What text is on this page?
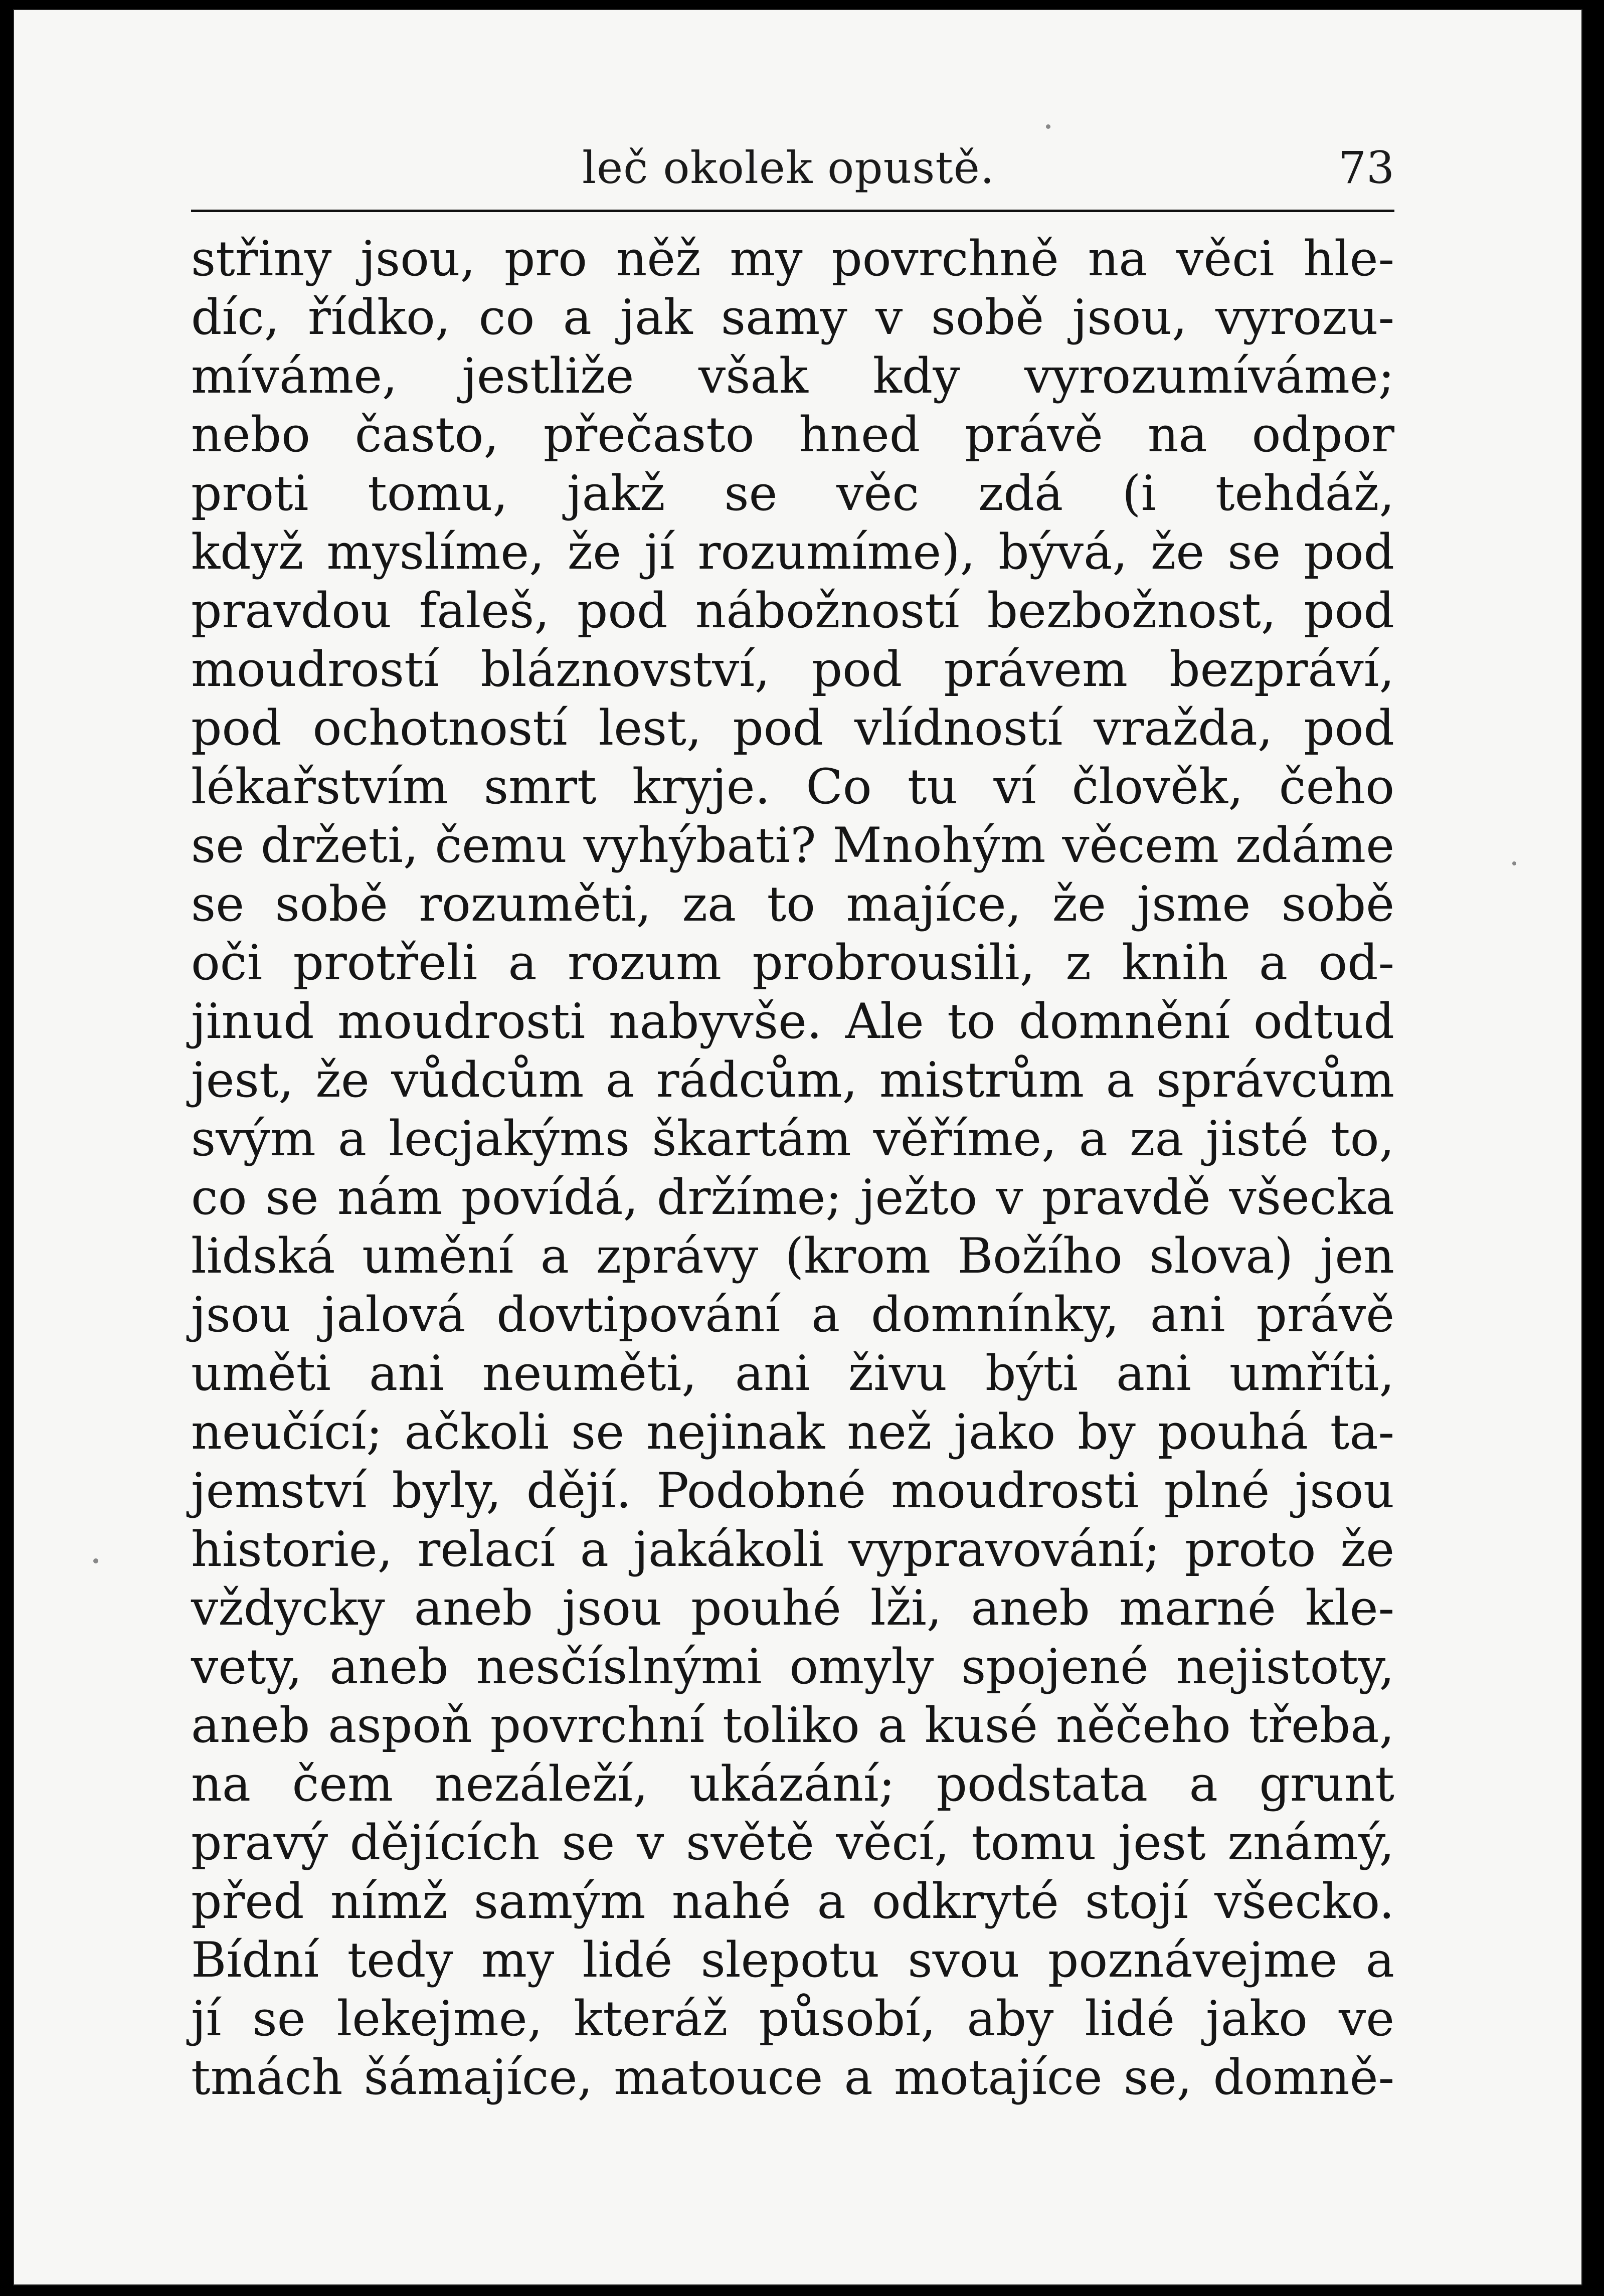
leč okolek opustě.	73
střiny jsou, pro něž my povrchně na věci hle-
díc, řídko, co a jak samy v sobě jsou, vyrozu-
míváme, jestliže však kdy vyrozumíváme;
nebo často, přečasto hned právě na odpor
proti tomu, jakž se věc zdá (i tehdáž,
když myslíme, že jí rozumíme), bývá, že se pod
pravdou faleš, pod nábožností bezbožnost, pod
moudrostí bláznovství, pod právem bezpráví,
pod ochotností lest, pod vlídností vražda, pod
lékařstvím smrt kryje. Co tu ví člověk, čeho
se držeti, čemu vyhýbati? Mnohým věcem zdáme
se sobě rozuměti, za to majíce, že jsme sobě
oči protřeli a rozum probrousili, z knih a od-
jinud moudrosti nabyvše. Ale to domnění odtud
jest, že vůdcům a rádcům, mistrům a správcům
svým a lecjakýms škartám věříme, a za jisté to,
co se nám povídá, držíme; ježto v pravdě všecka
lidská umění a zprávy (krom Božího slova) jen
jsou jalová dovtipování a domnínky, ani právě
uměti ani neuměti, ani živu býti ani umříti,
neučící; ačkoli se nejinak než jako by pouhá ta-
jemství byly, dějí. Podobné moudrosti plné jsou
historie, relací a jakákoli vypravování; proto že
vždycky aneb jsou pouhé lži, aneb marné kle-
vety, aneb nesčíslnými omyly spojené nejistoty,
aneb aspoň povrchní toliko a kusé něčeho třeba,
na čem nezáleží, ukázání; podstata a grunt
pravý dějících se v světě věcí, tomu jest známý,
před nímž samým nahé a odkryté stojí všecko.
Bídní tedy my lidé slepotu svou poznávejme a
jí se lekejme, kteráž působí, aby lidé jako ve
tmách šámajíce, matouce a motajíce se, domně-
